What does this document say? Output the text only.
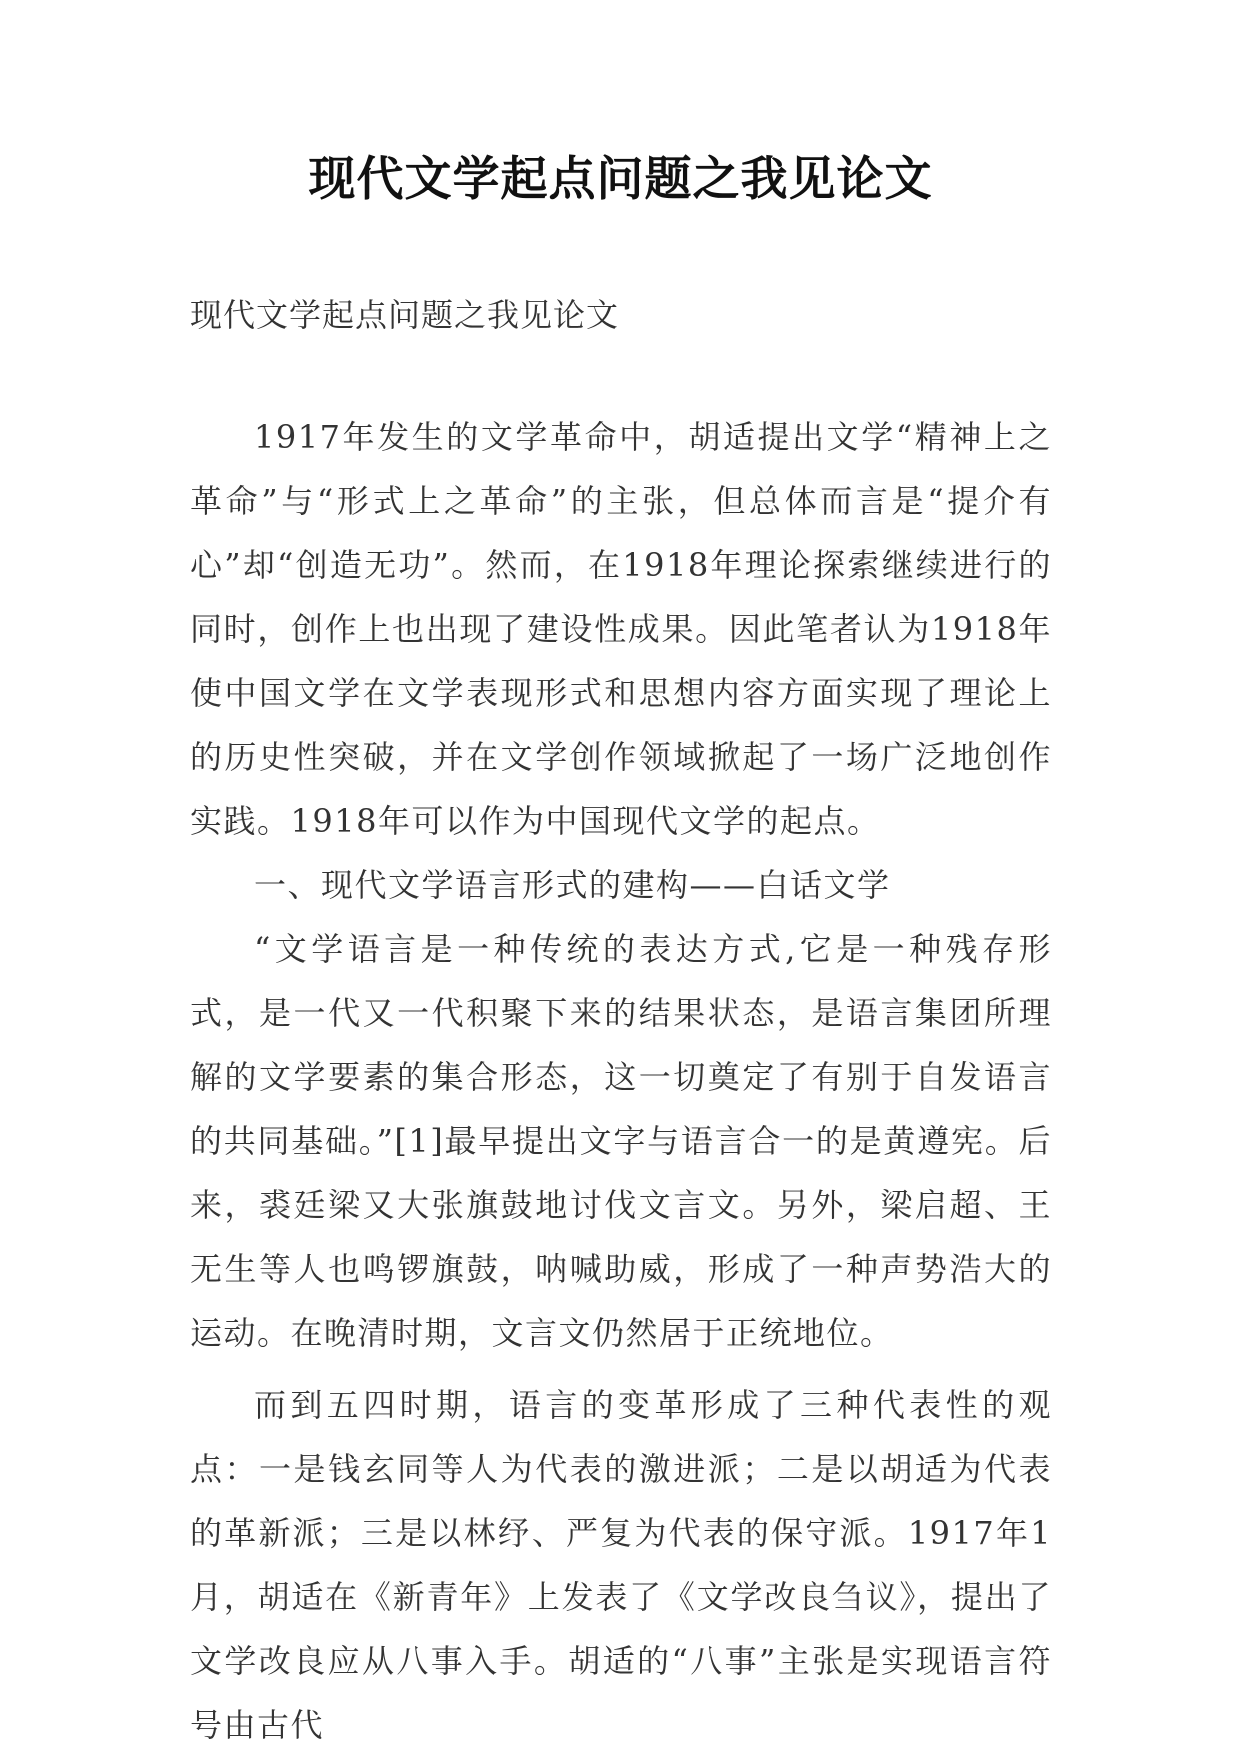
现代文学起点问题之我见论文
现代文学起点问题之我见论文

1917年发生的文学革命中，胡适提出文学“精神上之革命”与“形式上之革命”的主张，但总体而言是“提介有心”却“创造无功”。然而，在1918年理论探索继续进行的同时，创作上也出现了建设性成果。因此笔者认为1918年使中国文学在文学表现形式和思想内容方面实现了理论上的历史性突破，并在文学创作领域掀起了一场广泛地创作实践。1918年可以作为中国现代文学的起点。

一、现代文学语言形式的建构——白话文学

“文学语言是一种传统的表达方式,它是一种残存形式，是一代又一代积聚下来的结果状态，是语言集团所理解的文学要素的集合形态，这一切奠定了有别于自发语言的共同基础。”[1]最早提出文字与语言合一的是黄遵宪。后来，裘廷梁又大张旗鼓地讨伐文言文。另外，梁启超、王无生等人也鸣锣旗鼓，呐喊助威，形成了一种声势浩大的运动。在晚清时期，文言文仍然居于正统地位。

而到五四时期，语言的变革形成了三种代表性的观点：一是钱玄同等人为代表的激进派；二是以胡适为代表的革新派；三是以林纾、严复为代表的保守派。1917年1月，胡适在《新青年》上发表了《文学改良刍议》，提出了文学改良应从八事入手。胡适的“八事”主张是实现语言符号由古代
